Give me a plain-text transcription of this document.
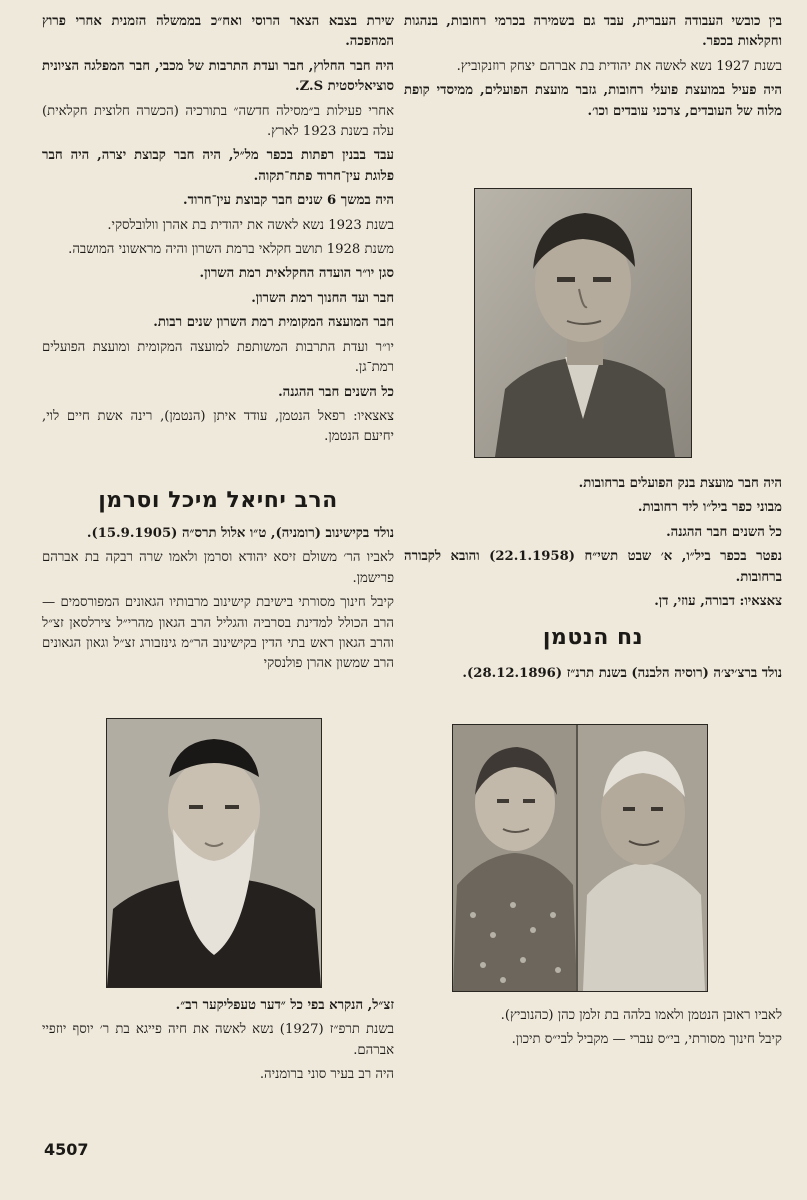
בין כובשי העבודה העברית, עבד גם בשמירה בכרמי רחובות, בנהגות וחקלאות בכפר.

בשנת 1927 נשא לאשה את יהודית בת אברהם יצחק רוזנקוביץ.

היה פעיל במועצת פועלי רחובות, גזבר מועצת הפועלים, ממיסדי קופת מלוה של העובדים, צרכני עובדים וכו׳.

היה חבר מועצת בנק הפועלים ברחובות.

מבוני כפר ביל״ו ליד רחובות.

כל השנים חבר ההגנה.

נפטר בכפר ביל״ו, א׳ שבט תשי״ח (22.1.1958) והובא לקבורה ברחובות.

צאצאיו: דבורה, עוזי, דן.

נח הנטמן

נולד ברצ׳יצ׳ה (רוסיה הלבנה) בשנת תרנ״ז (28.12.1896).

לאביו ראובן הנטמן ולאמו בלהה בת זלמן כהן (כהנוביץ).

קיבל חינוך מסורתי, בי״ס עברי — מקביל לבי״ס תיכון.

שירת בצבא הצאר הרוסי ואח״כ בממשלה הזמנית אחרי פרוץ המהפכה.

היה חבר החלוץ, חבר ועדת התרבות של מכבי, חבר המפלגה הציונית סוציאליסטית Z.S.

אחרי פעילות ב״מסילה חדשה״ בתורכיה (הכשרה חלוצית חקלאית) עלה בשנת 1923 לארץ.

עבד בבנין רפתות בכפר מל״ל, היה חבר קבוצת יצרה, היה חבר פלוגת עין־חרוד פתח־תקוה.

היה במשך 6 שנים חבר קבוצת עין־חרוד.

בשנת 1923 נשא לאשה את יהודית בת אהרן וולובלסקי.

משנת 1928 תושב חקלאי ברמת השרון והיה מראשוני המושבה.

סגן יו״ר הועדה החקלאית רמת השרון.

חבר ועד החנוך רמת השרון.

חבר המועצה המקומית רמת השרון שנים רבות.

יו״ר ועדת התרבות המשותפת למועצה המקומית ומועצת הפועלים רמת־גן.

כל השנים חבר ההגנה.

צאצאיו: רפאל הנטמן, עודד איתן (הנטמן), רינה אשת חיים לוי, יחיעם הנטמן.

הרב יחיאל מיכל וסרמן

נולד בקישינוב (רומניה), ט״ו אלול תרס״ה (15.9.1905).

לאביו הר׳ משולם זיסא יהודא וסרמן ולאמו שרה רבקה בת אברהם פרישמן.

קיבל חינוך מסורתי בישיבת קישינוב מרבותיו הגאונים המפורסמים — הרב הכולל למדינת בסרביה והגליל הרב הגאון מהרי״ל צירלסאן זצ״ל והרב הגאון ראש בתי הדין בקישינוב הר״מ גינזבורג זצ״ל וגאון הגאונים הרב שמשון אהרן פולנסקי

זצ״ל, הנקרא בפי כל ״דער טעפליקער רב״.

בשנת תרפ״ז (1927) נשא לאשה את חיה פייגא בת ר׳ יוסף יוזפיי אברהם.

היה רב בעיר סוני ברומניה.

4507
